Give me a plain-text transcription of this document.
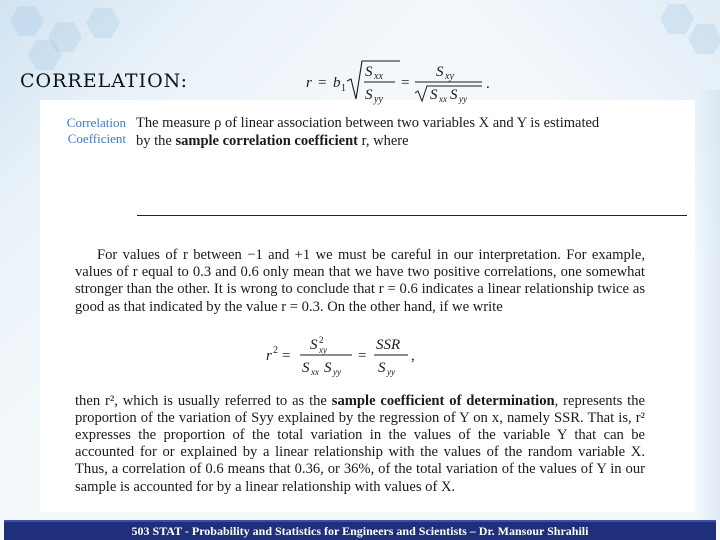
CORRELATION:
Correlation
Coefficient
The measure ρ of linear association between two variables X and Y is estimated
by the sample correlation coefficient r, where
r = b 1
S xx
S yy
=
S xy
S xx S yy
.

For values of r between −1 and +1 we must be careful in our interpretation. For example, values of r equal to 0.3 and 0.6 only mean that we have two positive correlations, one somewhat stronger than the other. It is wrong to conclude that r = 0.6 indicates a linear relationship twice as good as that indicated by the value r = 0.3. On the other hand, if we write

r 2 =
S 2
xy
S xx S yy
=
SSR
S yy
,

then r², which is usually referred to as the sample coefficient of determination, represents the proportion of the variation of Syy explained by the regression of Y on x, namely SSR. That is, r² expresses the proportion of the total variation in the values of the variable Y that can be accounted for or explained by a linear relationship with the values of the random variable X. Thus, a correlation of 0.6 means that 0.36, or 36%, of the total variation of the values of Y in our sample is accounted for by a linear relationship with values of X.

503 STAT - Probability and Statistics for Engineers and Scientists – Dr. Mansour Shrahili
